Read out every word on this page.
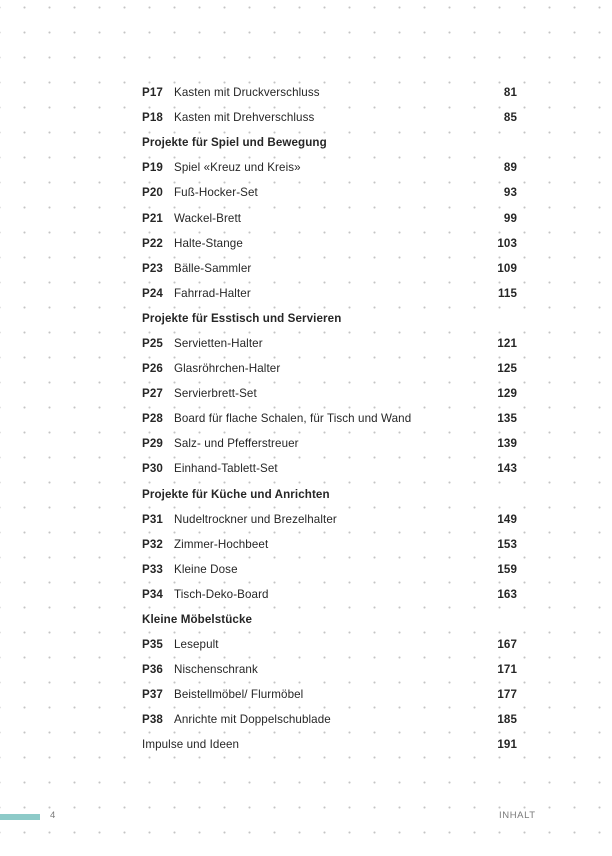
P17 Kasten mit Druckverschluss	81
P18 Kasten mit Drehverschluss	85
Projekte für Spiel und Bewegung
P19 Spiel «Kreuz und Kreis»	89
P20 Fuß-Hocker-Set	93
P21 Wackel-Brett	99
P22 Halte-Stange	103
P23 Bälle-Sammler	109
P24 Fahrrad-Halter	115
Projekte für Esstisch und Servieren
P25 Servietten-Halter	121
P26 Glasröhrchen-Halter	125
P27 Servierbrett-Set	129
P28 Board für flache Schalen, für Tisch und Wand	135
P29 Salz- und Pfefferstreuer	139
P30 Einhand-Tablett-Set	143
Projekte für Küche und Anrichten
P31 Nudeltrockner und Brezelhalter	149
P32 Zimmer-Hochbeet	153
P33 Kleine Dose	159
P34 Tisch-Deko-Board	163
Kleine Möbelstücke
P35 Lesepult	167
P36 Nischenschrank	171
P37 Beistellmöbel/ Flurmöbel	177
P38 Anrichte mit Doppelschublade	185
Impulse und Ideen	191
4	INHALT
